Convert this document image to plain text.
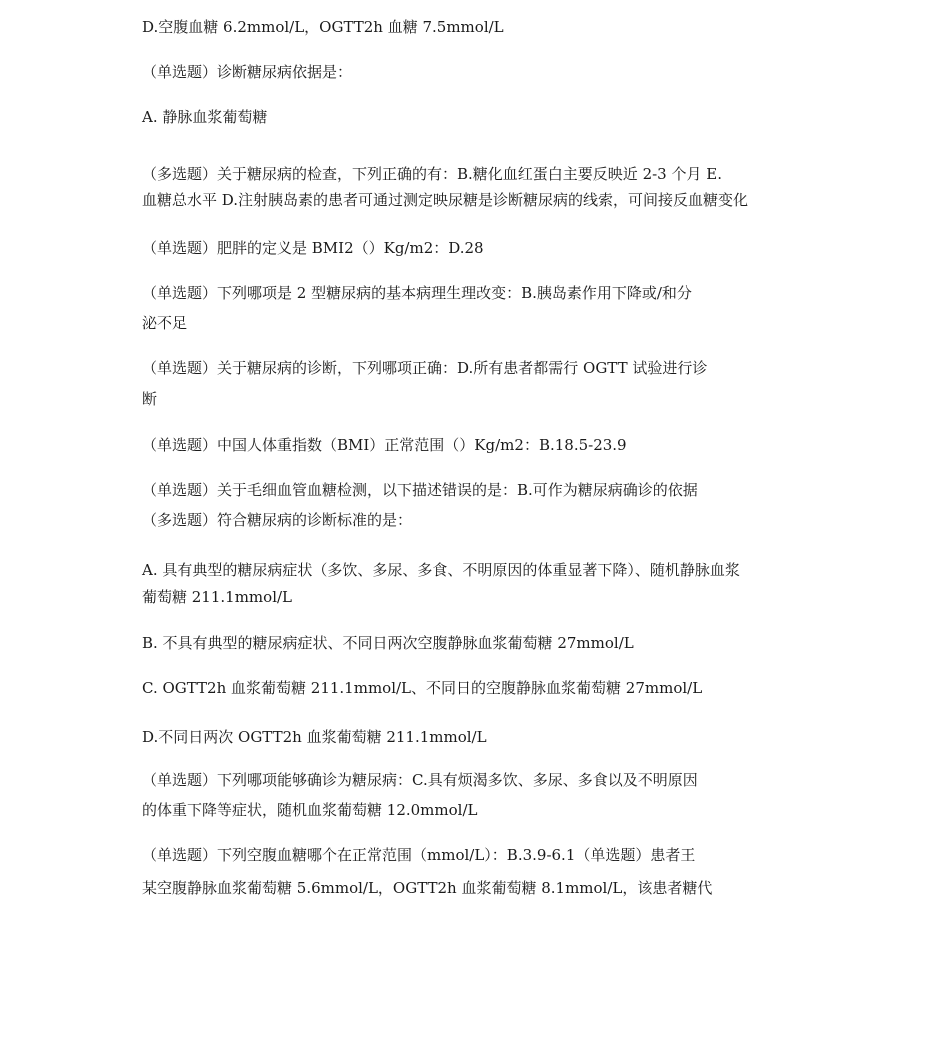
D.空腹血糖 6.2mmol/L，OGTT2h 血糖 7.5mmol/L
（单选题）诊断糖尿病依据是：
A. 静脉血浆葡萄糖
（多选题）关于糖尿病的检查，下列正确的有：B.糖化血红蛋白主要反映近 2-3 个月 E.
血糖总水平 D.注射胰岛素的患者可通过测定映尿糖是诊断糖尿病的线索，可间接反血糖变化
（单选题）肥胖的定义是 BMI2（）Kg/m2：D.28
（单选题）下列哪项是 2 型糖尿病的基本病理生理改变：B.胰岛素作用下降或/和分
泌不足
（单选题）关于糖尿病的诊断，下列哪项正确：D.所有患者都需行 OGTT 试验进行诊
断
（单选题）中国人体重指数（BMI）正常范围（）Kg/m2：B.18.5-23.9
（单选题）关于毛细血管血糖检测，以下描述错误的是：B.可作为糖尿病确诊的依据
（多选题）符合糖尿病的诊断标准的是：
A. 具有典型的糖尿病症状（多饮、多尿、多食、不明原因的体重显著下降）、随机静脉血浆
葡萄糖 211.1mmol/L
B. 不具有典型的糖尿病症状、不同日两次空腹静脉血浆葡萄糖 27mmol/L
C. OGTT2h 血浆葡萄糖 211.1mmol/L、不同日的空腹静脉血浆葡萄糖 27mmol/L
D.不同日两次 OGTT2h 血浆葡萄糖 211.1mmol/L
（单选题）下列哪项能够确诊为糖尿病：C.具有烦渴多饮、多尿、多食以及不明原因
的体重下降等症状，随机血浆葡萄糖 12.0mmol/L
（单选题）下列空腹血糖哪个在正常范围（mmol/L）：B.3.9-6.1（单选题）患者王
某空腹静脉血浆葡萄糖 5.6mmol/L，OGTT2h 血浆葡萄糖 8.1mmol/L，该患者糖代
